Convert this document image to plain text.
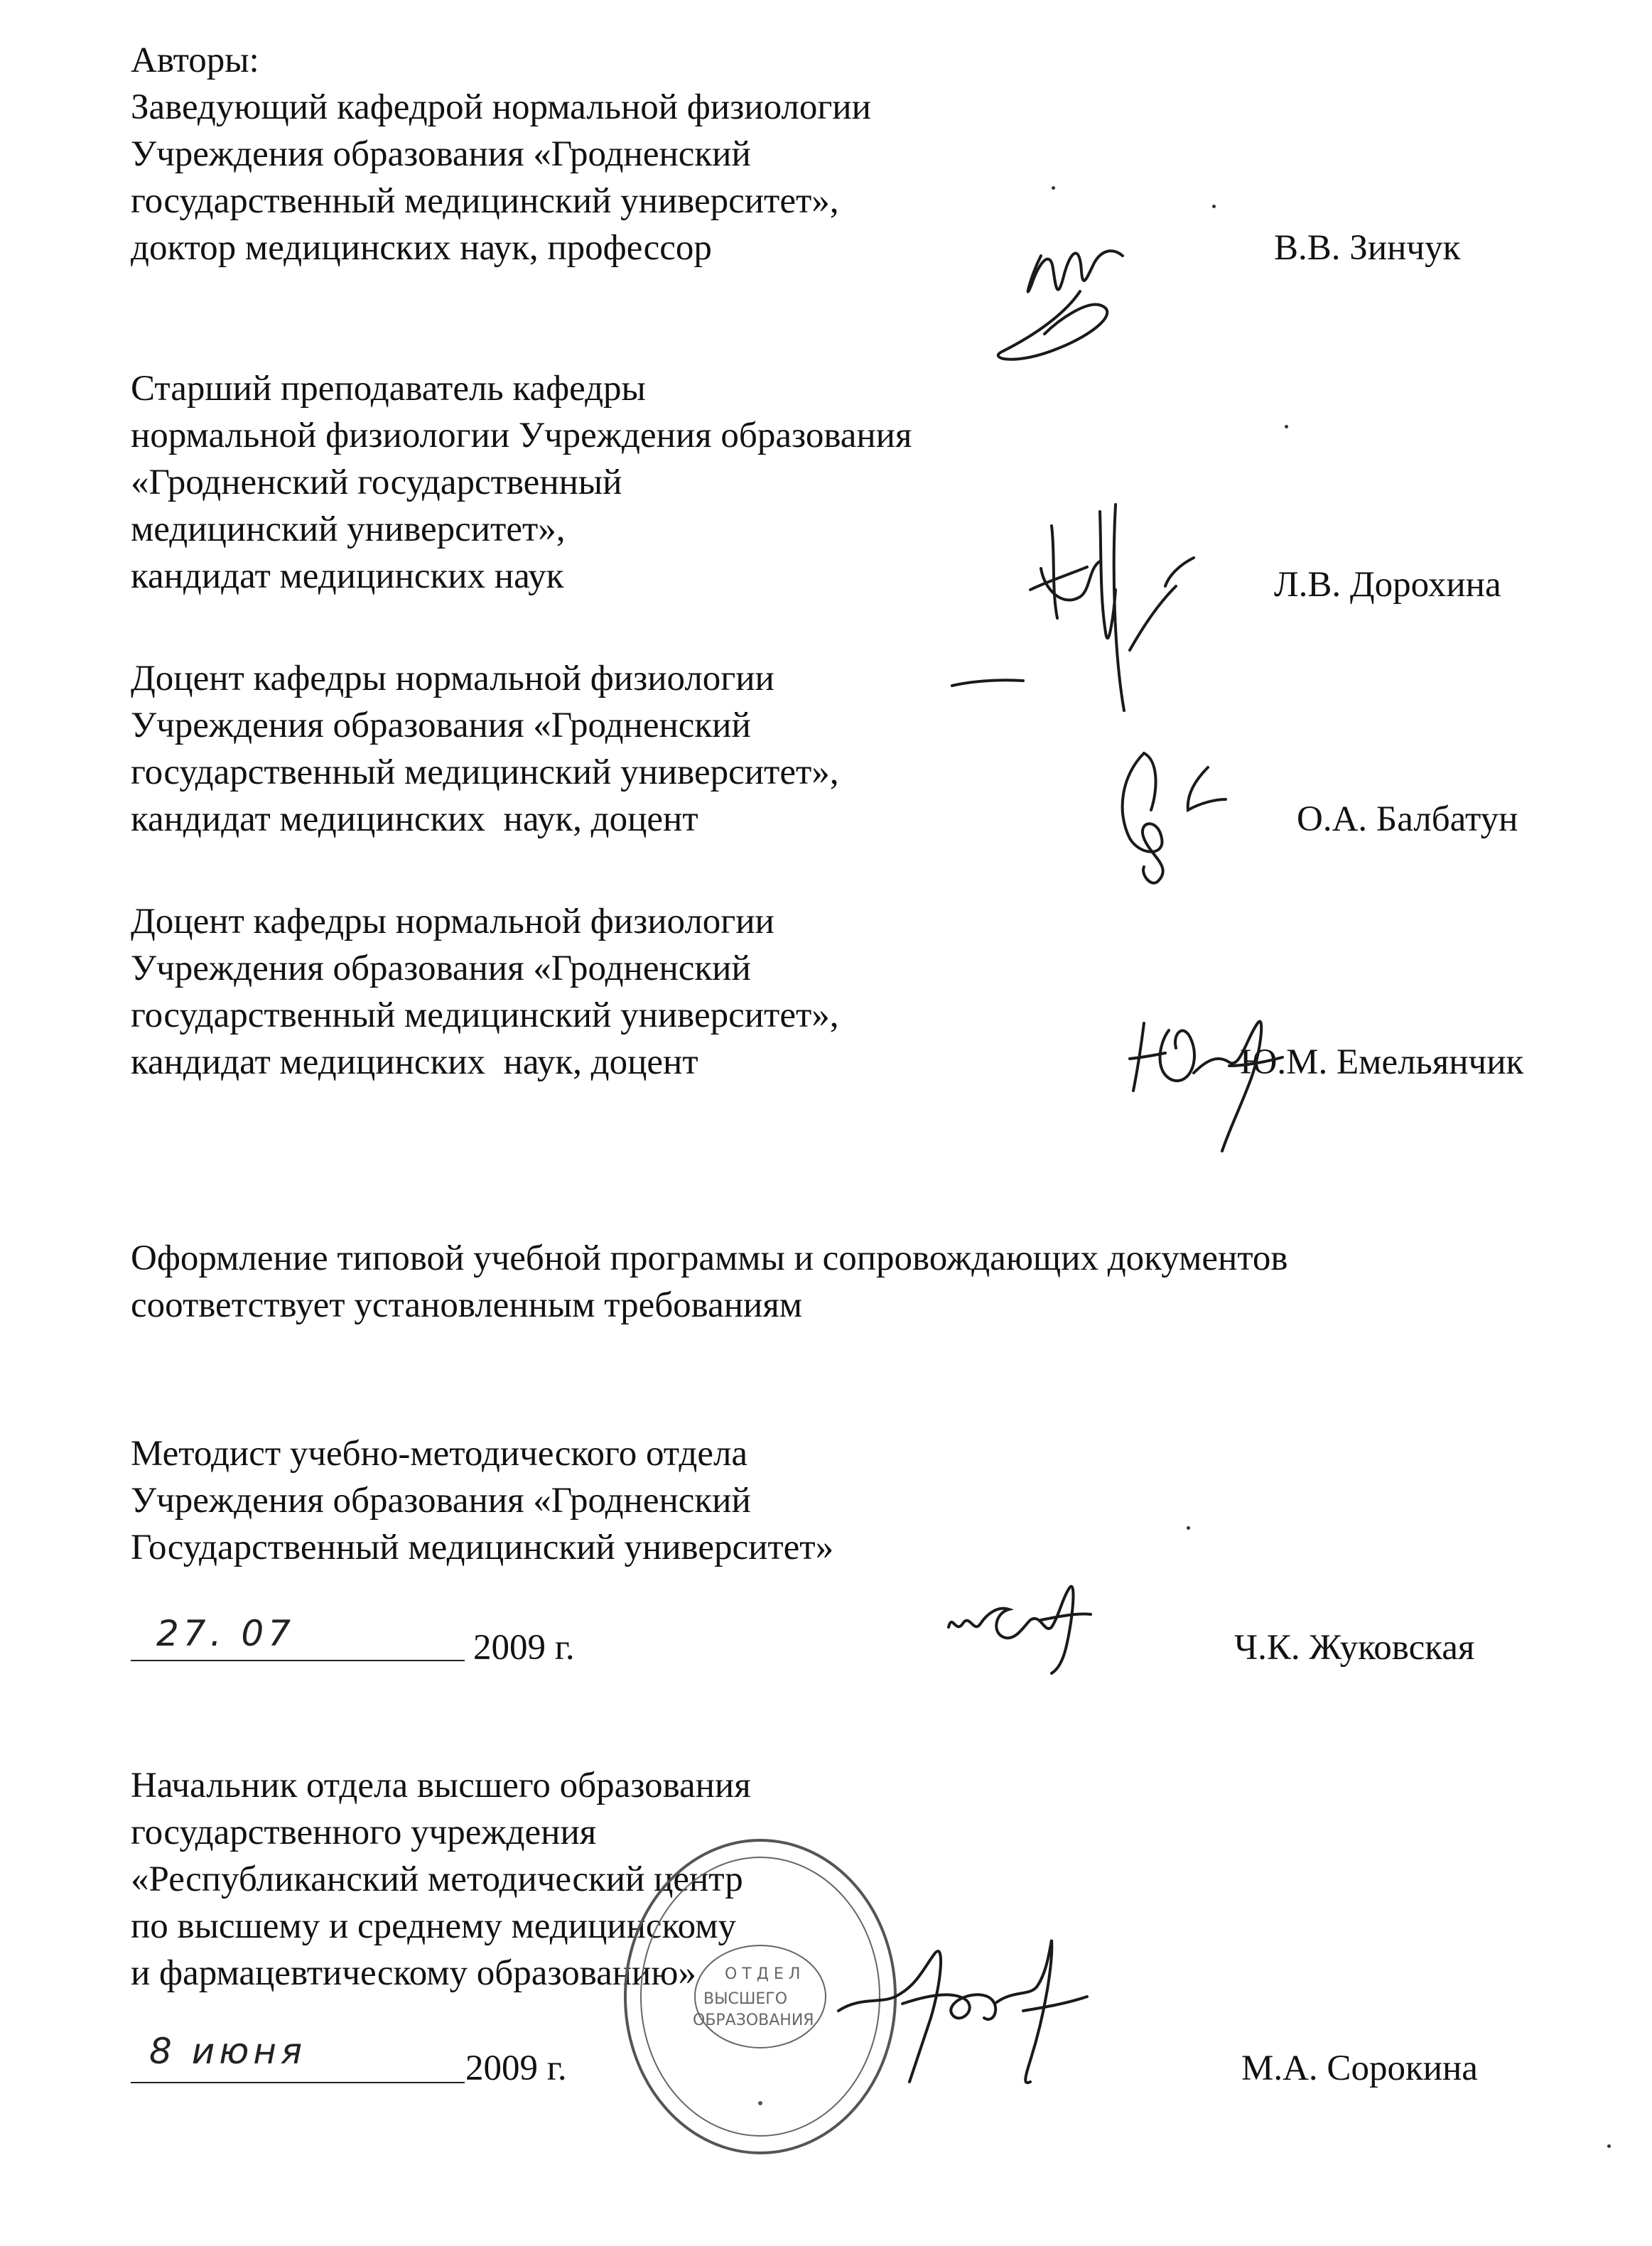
Авторы:
Заведующий кафедрой нормальной физиологии
Учреждения образования «Гродненский
государственный медицинский университет»,
доктор медицинских наук, профессор	В.В. Зинчук
Старший преподаватель кафедры
нормальной физиологии Учреждения образования
«Гродненский государственный
медицинский университет»,
кандидат медицинских наук	Л.В. Дорохина
Доцент кафедры нормальной физиологии
Учреждения образования «Гродненский
государственный медицинский университет»,
кандидат медицинских  наук, доцент	О.А. Балбатун
Доцент кафедры нормальной физиологии
Учреждения образования «Гродненский
государственный медицинский университет»,
кандидат медицинских  наук, доцент	Ю.М. Емельянчик
Оформление типовой учебной программы и сопровождающих документов
соответствует установленным требованиям
Методист учебно-методического отдела
Учреждения образования «Гродненский
Государственный медицинский университет»
27. 07	2009 г.	Ч.К. Жуковская
Начальник отдела высшего образования
государственного учреждения
«Республиканский методический центр
по высшему и среднему медицинскому
и фармацевтическому образованию»	О Т Д Е Л
ВЫСШЕГО
ОБРАЗОВАНИЯ
8 июня	2009 г.	М.А. Сорокина
